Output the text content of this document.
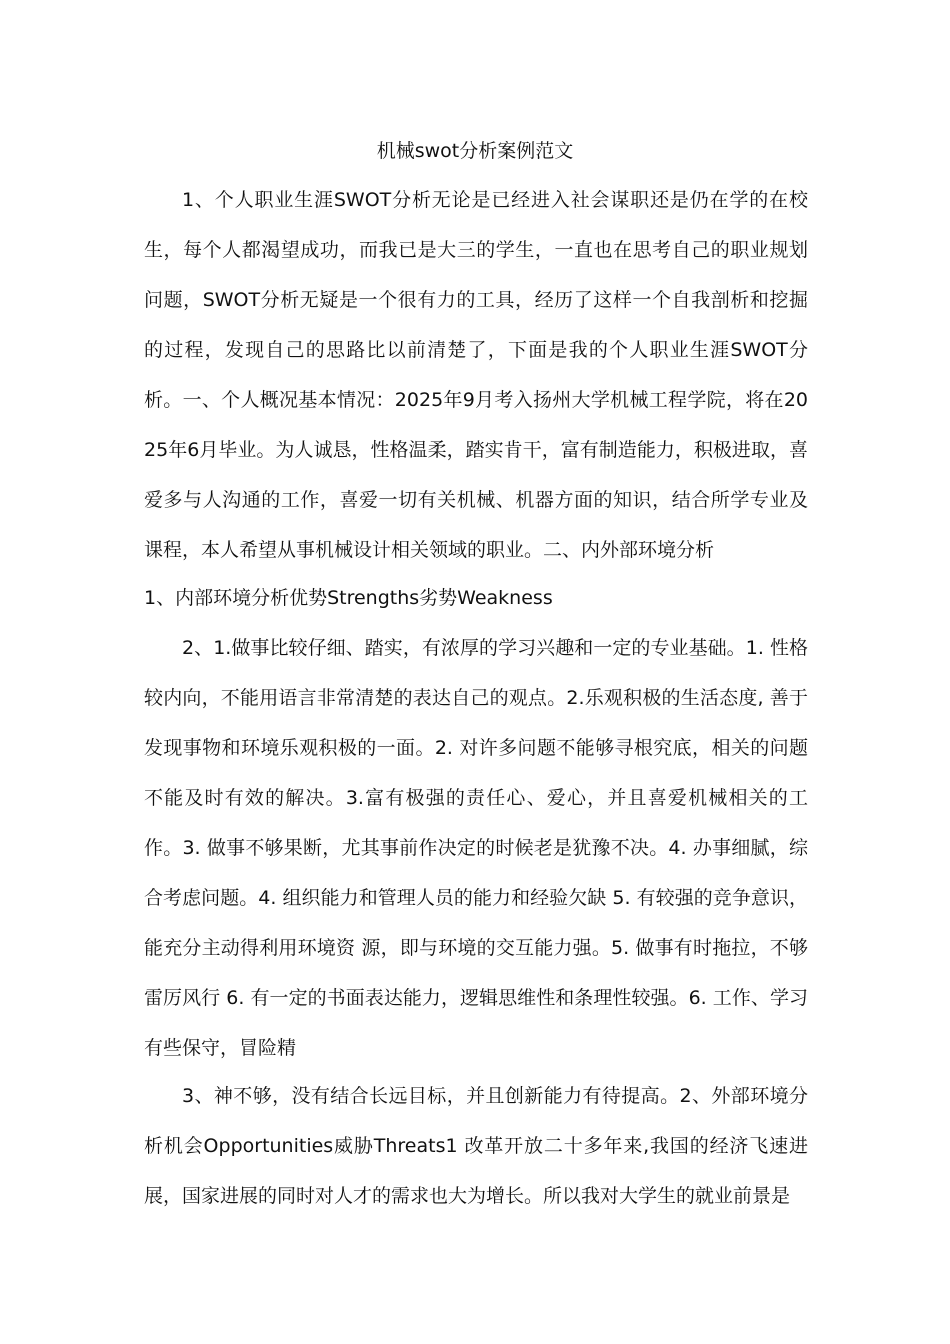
机械swot分析案例范文

1、个人职业生涯SWOT分析无论是已经进入社会谋职还是仍在学的在校生，每个人都渴望成功，而我已是大三的学生，一直也在思考自己的职业规划问题，SWOT分析无疑是一个很有力的工具，经历了这样一个自我剖析和挖掘的过程，发现自己的思路比以前清楚了，下面是我的个人职业生涯SWOT分析。一、个人概况基本情况：2025年9月考入扬州大学机械工程学院，将在2025年6月毕业。为人诚恳，性格温柔，踏实肯干，富有制造能力，积极进取，喜爱多与人沟通的工作，喜爱一切有关机械、机器方面的知识，结合所学专业及课程，本人希望从事机械设计相关领域的职业。二、内外部环境分析

1、内部环境分析优势Strengths劣势Weakness

2、1.做事比较仔细、踏实，有浓厚的学习兴趣和一定的专业基础。1. 性格较内向，不能用语言非常清楚的表达自己的观点。2.乐观积极的生活态度, 善于发现事物和环境乐观积极的一面。2. 对许多问题不能够寻根究底，相关的问题不能及时有效的解决。3.富有极强的责任心、爱心，并且喜爱机械相关的工作。3. 做事不够果断，尤其事前作决定的时候老是犹豫不决。4. 办事细腻，综合考虑问题。4. 组织能力和管理人员的能力和经验欠缺 5. 有较强的竞争意识，能充分主动得利用环境资 源，即与环境的交互能力强。5. 做事有时拖拉，不够雷厉风行 6. 有一定的书面表达能力，逻辑思维性和条理性较强。6. 工作、学习有些保守，冒险精

3、神不够，没有结合长远目标，并且创新能力有待提高。2、外部环境分析机会Opportunities威胁Threats1 改革开放二十多年来,我国的经济飞速进展，国家进展的同时对人才的需求也大为增长。所以我对大学生的就业前景是
